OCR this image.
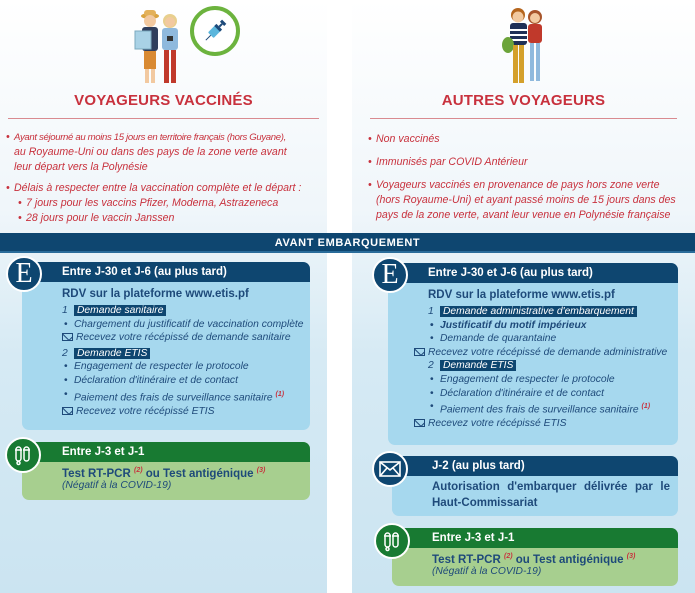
VOYAGEURS VACCINÉS
• Ayant séjourné au moins 15 jours en territoire français (hors Guyane),
au Royaume-Uni ou dans des pays de la zone verte avant
leur départ vers la Polynésie
• Délais à respecter entre la vaccination complète et le départ :
• 7 jours pour les vaccins Pfizer, Moderna, Astrazeneca
• 28 jours pour le vaccin Janssen
Entre J-30 et J-6 (au plus tard)
RDV sur la plateforme www.etis.pf
1 Demande sanitaire
• Chargement du justificatif de vaccination complète
Recevez votre récépissé de demande sanitaire
2 Demande ETIS
• Engagement de respecter le protocole
• Déclaration d'itinéraire et de contact
• Paiement des frais de surveillance sanitaire $^{(1)}$
Recevez votre récépissé ETIS
E
Entre J-3 et J-1
Test RT-PCR $^{(2)}$ ou Test antigénique $^{(3)}$
(Négatif à la COVID-19)
AUTRES VOYAGEURS
• Non vaccinés
• Immunisés par COVID Antérieur
• Voyageurs vaccinés en provenance de pays hors zone verte
(hors Royaume-Uni) et ayant passé moins de 15 jours dans des
pays de la zone verte, avant leur venue en Polynésie française
Entre J-30 et J-6 (au plus tard)
RDV sur la plateforme www.etis.pf
1 Demande administrative d'embarquement
• Justificatif du motif impérieux
• Demande de quarantaine
Recevez votre récépissé de demande administrative
2 Demande ETIS
• Engagement de respecter le protocole
• Déclaration d'itinéraire et de contact
• Paiement des frais de surveillance sanitaire $^{(1)}$
Recevez votre récépissé ETIS
E
J-2 (au plus tard)
Autorisation d'embarquer délivrée par le Haut-Commissariat
Entre J-3 et J-1
Test RT-PCR $^{(2)}$ ou Test antigénique $^{(3)}$
(Négatif à la COVID-19)
AVANT EMBARQUEMENT
